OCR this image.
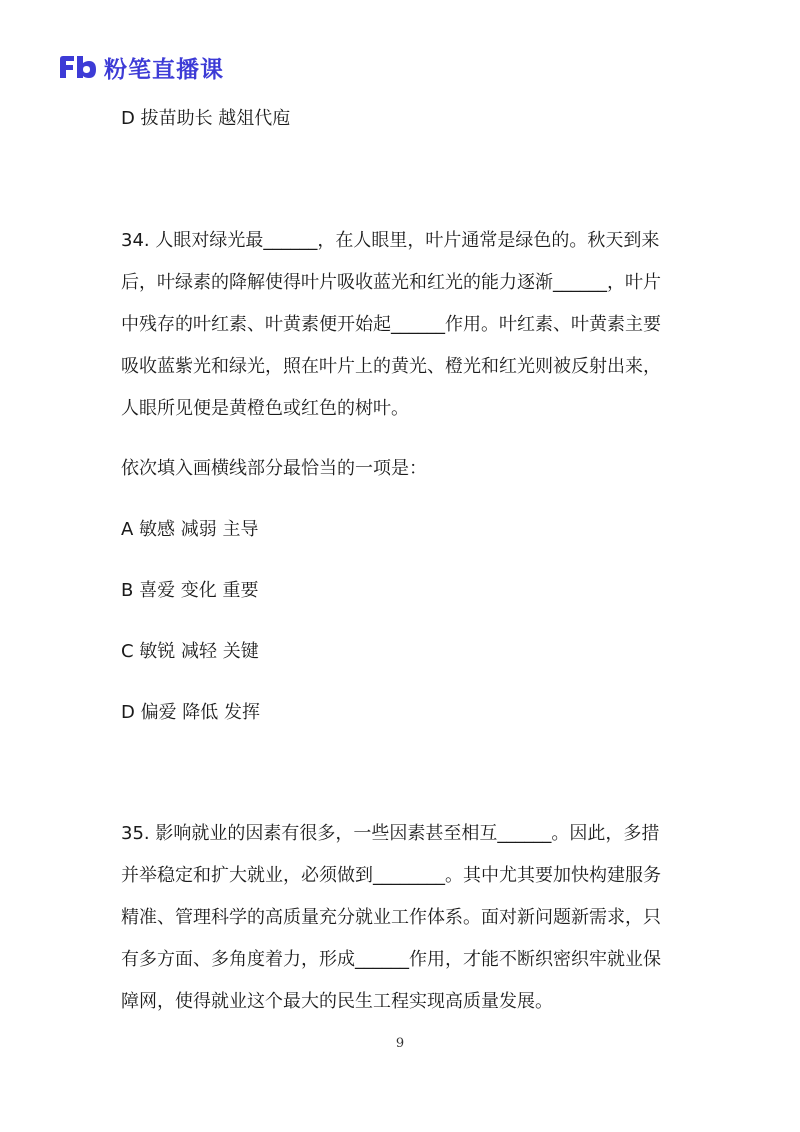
粉笔直播课
D 拔苗助长 越俎代庖
34. 人眼对绿光最______，在人眼里，叶片通常是绿色的。秋天到来
后，叶绿素的降解使得叶片吸收蓝光和红光的能力逐渐______，叶片
中残存的叶红素、叶黄素便开始起______作用。叶红素、叶黄素主要
吸收蓝紫光和绿光，照在叶片上的黄光、橙光和红光则被反射出来，
人眼所见便是黄橙色或红色的树叶。
依次填入画横线部分最恰当的一项是：
A 敏感 减弱 主导
B 喜爱 变化 重要
C 敏锐 减轻 关键
D 偏爱 降低 发挥
35. 影响就业的因素有很多，一些因素甚至相互______。因此，多措
并举稳定和扩大就业，必须做到________。其中尤其要加快构建服务
精准、管理科学的高质量充分就业工作体系。面对新问题新需求，只
有多方面、多角度着力，形成______作用，才能不断织密织牢就业保
障网，使得就业这个最大的民生工程实现高质量发展。
9
